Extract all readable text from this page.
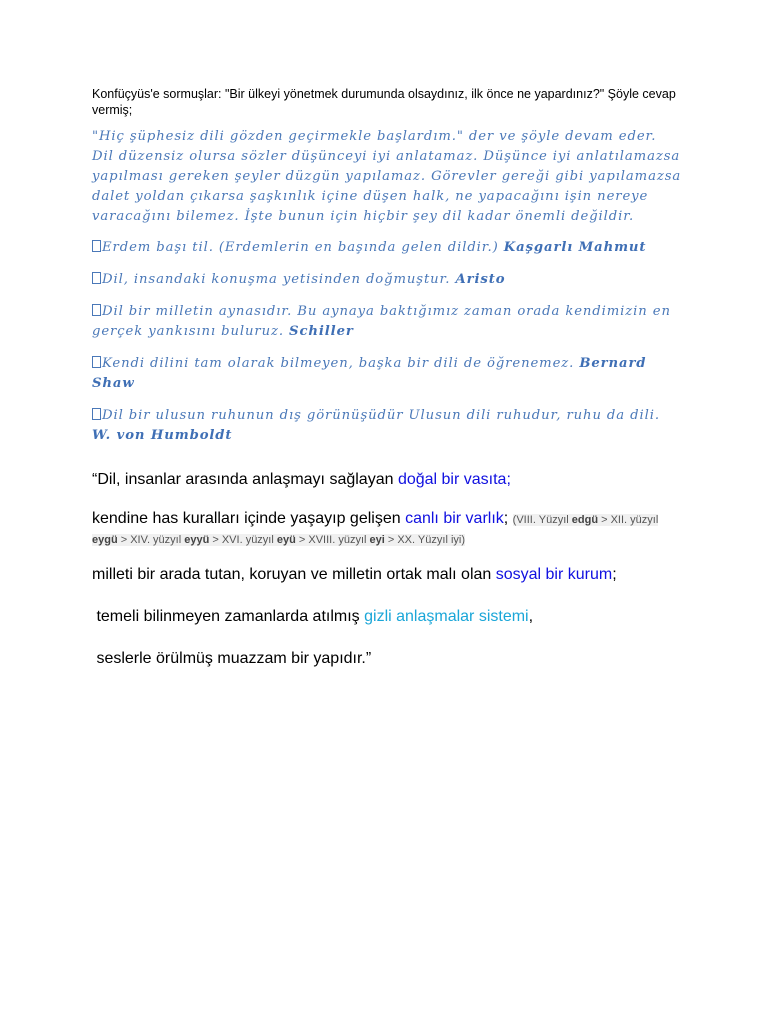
Konfüçyüs'e sormuşlar: "Bir ülkeyi yönetmek durumunda olsaydınız, ilk önce ne yapardınız?" Şöyle cevap vermiş;

"Hiç şüphesiz dili gözden geçirmekle başlardım." der ve şöyle devam eder. Dil düzensiz olursa sözler düşünceyi iyi anlatamaz. Düşünce iyi anlatılamazsa yapılması gereken şeyler düzgün yapılamaz. Görevler gereği gibi yapılamazsa dalet yoldan çıkarsa şaşkınlık içine düşen halk, ne yapacağını işin nereye varacağını bilemez. İşte bunun için hiçbir şey dil kadar önemli değildir.

Erdem başı til. (Erdemlerin en başında gelen dildir.) Kaşgarlı Mahmut

Dil, insandaki konuşma yetisinden doğmuştur. Aristo

Dil bir milletin aynasıdır. Bu aynaya baktığımız zaman orada kendimizin en gerçek yankısını buluruz. Schiller

Kendi dilini tam olarak bilmeyen, başka bir dili de öğrenemez. Bernard Shaw

Dil bir ulusun ruhunun dış görünüşüdür Ulusun dili ruhudur, ruhu da dili. W. von Humboldt

“Dil, insanlar arasında anlaşmayı sağlayan doğal bir vasıta;

kendine has kuralları içinde yaşayıp gelişen canlı bir varlık; (VIII. Yüzyıl edgü > XII. yüzyıl eygü > XIV. yüzyıl eyyü > XVI. yüzyıl eyü > XVIII. yüzyıl eyi > XX. Yüzyıl iyi)

milleti bir arada tutan, koruyan ve milletin ortak malı olan sosyal bir kurum;

temeli bilinmeyen zamanlarda atılmış gizli anlaşmalar sistemi,

seslerle örülmüş muazzam bir yapıdır.”
